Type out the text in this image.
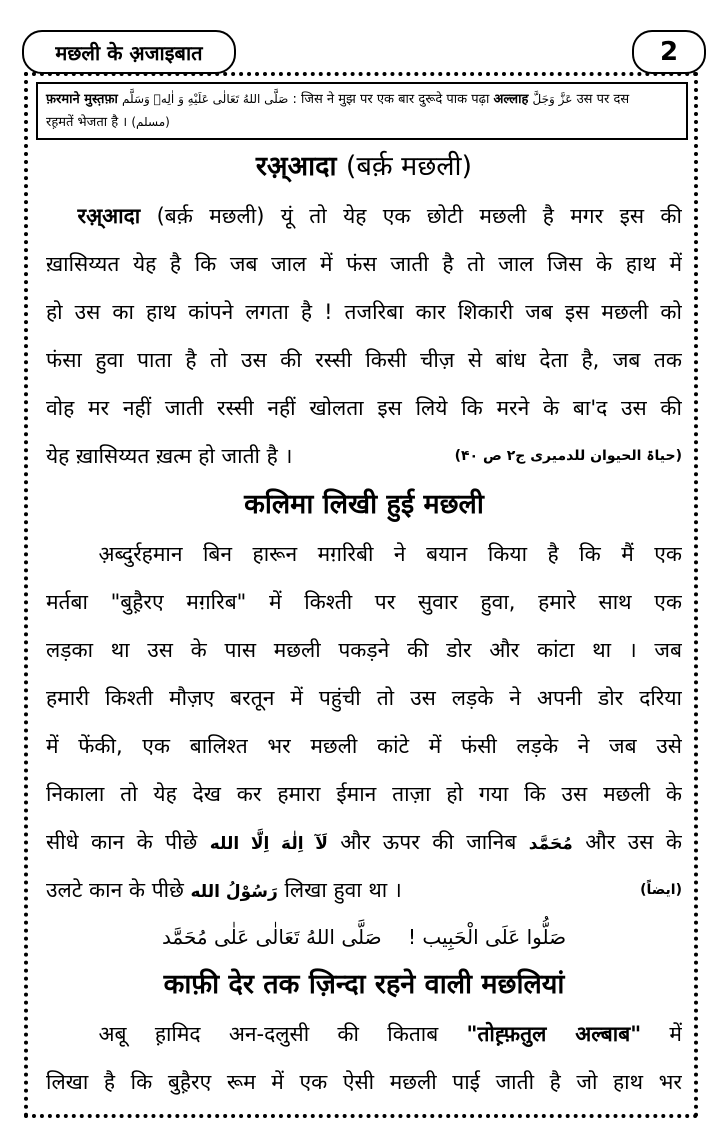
मछली के अ़जाइबात	2
फ़रमाने मुस्त़फ़ा صَلَّى اللهُ تَعَالٰى عَلَيْهِ وَ اٰلِهٖ وَسَلَّم : जिस ने मुझ पर एक बार दुरूदे पाक पढ़ा अल्लाह عَزَّ وَجَلَّ उस पर दस
रह़मतें भेजता है । (مسلم)
रअ़्आदा (बर्क़ मछली)
  रअ़्आदा (बर्क़ मछली) यूं तो येह एक छोटी मछली है मगर इस की
ख़ासिय्यत येह है कि जब जाल में फंस जाती है तो जाल जिस के हाथ में
हो उस का हाथ कांपने लगता है ! तजरिबा कार शिकारी जब इस मछली को
फंसा हुवा पाता है तो उस की रस्सी किसी चीज़ से बांध देता है, जब तक
वोह मर नहीं जाती रस्सी नहीं खोलता इस लिये कि मरने के बा'द उस की
येह ख़ासिय्यत ख़त्म हो जाती है ।	(حیاۃ الحیوان للدمیری ج۲ ص ۴۰)
कलिमा लिखी हुई मछली
   अ़ब्दुर्रहमान बिन हारून मग़रिबी ने बयान किया है कि मैं एक
मर्तबा "बुह़ैरए मग़रिब" में किश्ती पर सुवार हुवा, हमारे साथ एक
लड़का था उस के पास मछली पकड़ने की डोर और कांटा था । जब
हमारी किश्ती मौज़ए बरतून में पहुंची तो उस लड़के ने अपनी डोर दरिया
में फेंकी, एक बालिश्त भर मछली कांटे में फंसी लड़के ने जब उसे
निकाला तो येह देख कर हमारा ईमान ताज़ा हो गया कि उस मछली के
सीधे कान के पीछे لَآ اِلٰهَ اِلَّا الله और ऊपर की जानिब مُحَمَّد और उस के
उलटे कान के पीछे رَسُوْلُ الله लिखा हुवा था ।	(ایضاً)
صَلُّوا عَلَی الْحَبِیب ! صَلَّی اللهُ تَعَالٰی عَلٰی مُحَمَّد
काफ़ी देर तक ज़िन्दा रहने वाली मछलियां
   अबू ह़ामिद अन-दलुसी की किताब "तोह़्फ़तुल अल्बाब" में
लिखा है कि बुह़ैरए रूम में एक ऐसी मछली पाई जाती है जो हाथ भर
